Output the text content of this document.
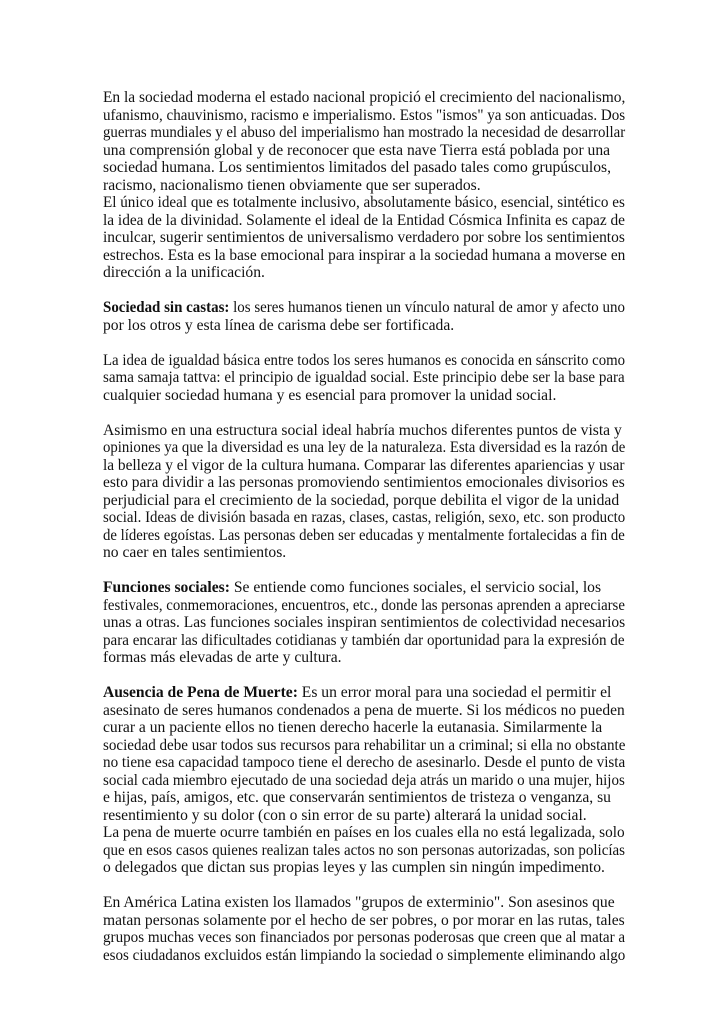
En la sociedad moderna el estado nacional propició el crecimiento del nacionalismo,
ufanismo, chauvinismo, racismo e imperialismo. Estos "ismos" ya son anticuadas. Dos
guerras mundiales y el abuso del imperialismo han mostrado la necesidad de desarrollar
una comprensión global y de reconocer que esta nave Tierra está poblada por una
sociedad humana. Los sentimientos limitados del pasado tales como grupúsculos,
racismo, nacionalismo tienen obviamente que ser superados.
El único ideal que es totalmente inclusivo, absolutamente básico, esencial, sintético es
la idea de la divinidad. Solamente el ideal de la Entidad Cósmica Infinita es capaz de
inculcar, sugerir sentimientos de universalismo verdadero por sobre los sentimientos
estrechos. Esta es la base emocional para inspirar a la sociedad humana a moverse en
dirección a la unificación.

Sociedad sin castas: los seres humanos tienen un vínculo natural de amor y afecto uno
por los otros y esta línea de carisma debe ser fortificada.

La idea de igualdad básica entre todos los seres humanos es conocida en sánscrito como
sama samaja tattva: el principio de igualdad social. Este principio debe ser la base para
cualquier sociedad humana y es esencial para promover la unidad social.

Asimismo en una estructura social ideal habría muchos diferentes puntos de vista y
opiniones ya que la diversidad es una ley de la naturaleza. Esta diversidad es la razón de
la belleza y el vigor de la cultura humana. Comparar las diferentes apariencias y usar
esto para dividir a las personas promoviendo sentimientos emocionales divisorios es
perjudicial para el crecimiento de la sociedad, porque debilita el vigor de la unidad
social. Ideas de división basada en razas, clases, castas, religión, sexo, etc. son producto
de líderes egoístas. Las personas deben ser educadas y mentalmente fortalecidas a fin de
no caer en tales sentimientos.

Funciones sociales: Se entiende como funciones sociales, el servicio social, los
festivales, conmemoraciones, encuentros, etc., donde las personas aprenden a apreciarse
unas a otras. Las funciones sociales inspiran sentimientos de colectividad necesarios
para encarar las dificultades cotidianas y también dar oportunidad para la expresión de
formas más elevadas de arte y cultura.

Ausencia de Pena de Muerte: Es un error moral para una sociedad el permitir el
asesinato de seres humanos condenados a pena de muerte. Si los médicos no pueden
curar a un paciente ellos no tienen derecho hacerle la eutanasia. Similarmente la
sociedad debe usar todos sus recursos para rehabilitar un a criminal; si ella no obstante
no tiene esa capacidad tampoco tiene el derecho de asesinarlo. Desde el punto de vista
social cada miembro ejecutado de una sociedad deja atrás un marido o una mujer, hijos
e hijas, país, amigos, etc. que conservarán sentimientos de tristeza o venganza, su
resentimiento y su dolor (con o sin error de su parte) alterará la unidad social.
La pena de muerte ocurre también en países en los cuales ella no está legalizada, solo
que en esos casos quienes realizan tales actos no son personas autorizadas, son policías
o delegados que dictan sus propias leyes y las cumplen sin ningún impedimento.

En América Latina existen los llamados "grupos de exterminio". Son asesinos que
matan personas solamente por el hecho de ser pobres, o por morar en las rutas, tales
grupos muchas veces son financiados por personas poderosas que creen que al matar a
esos ciudadanos excluidos están limpiando la sociedad o simplemente eliminando algo
